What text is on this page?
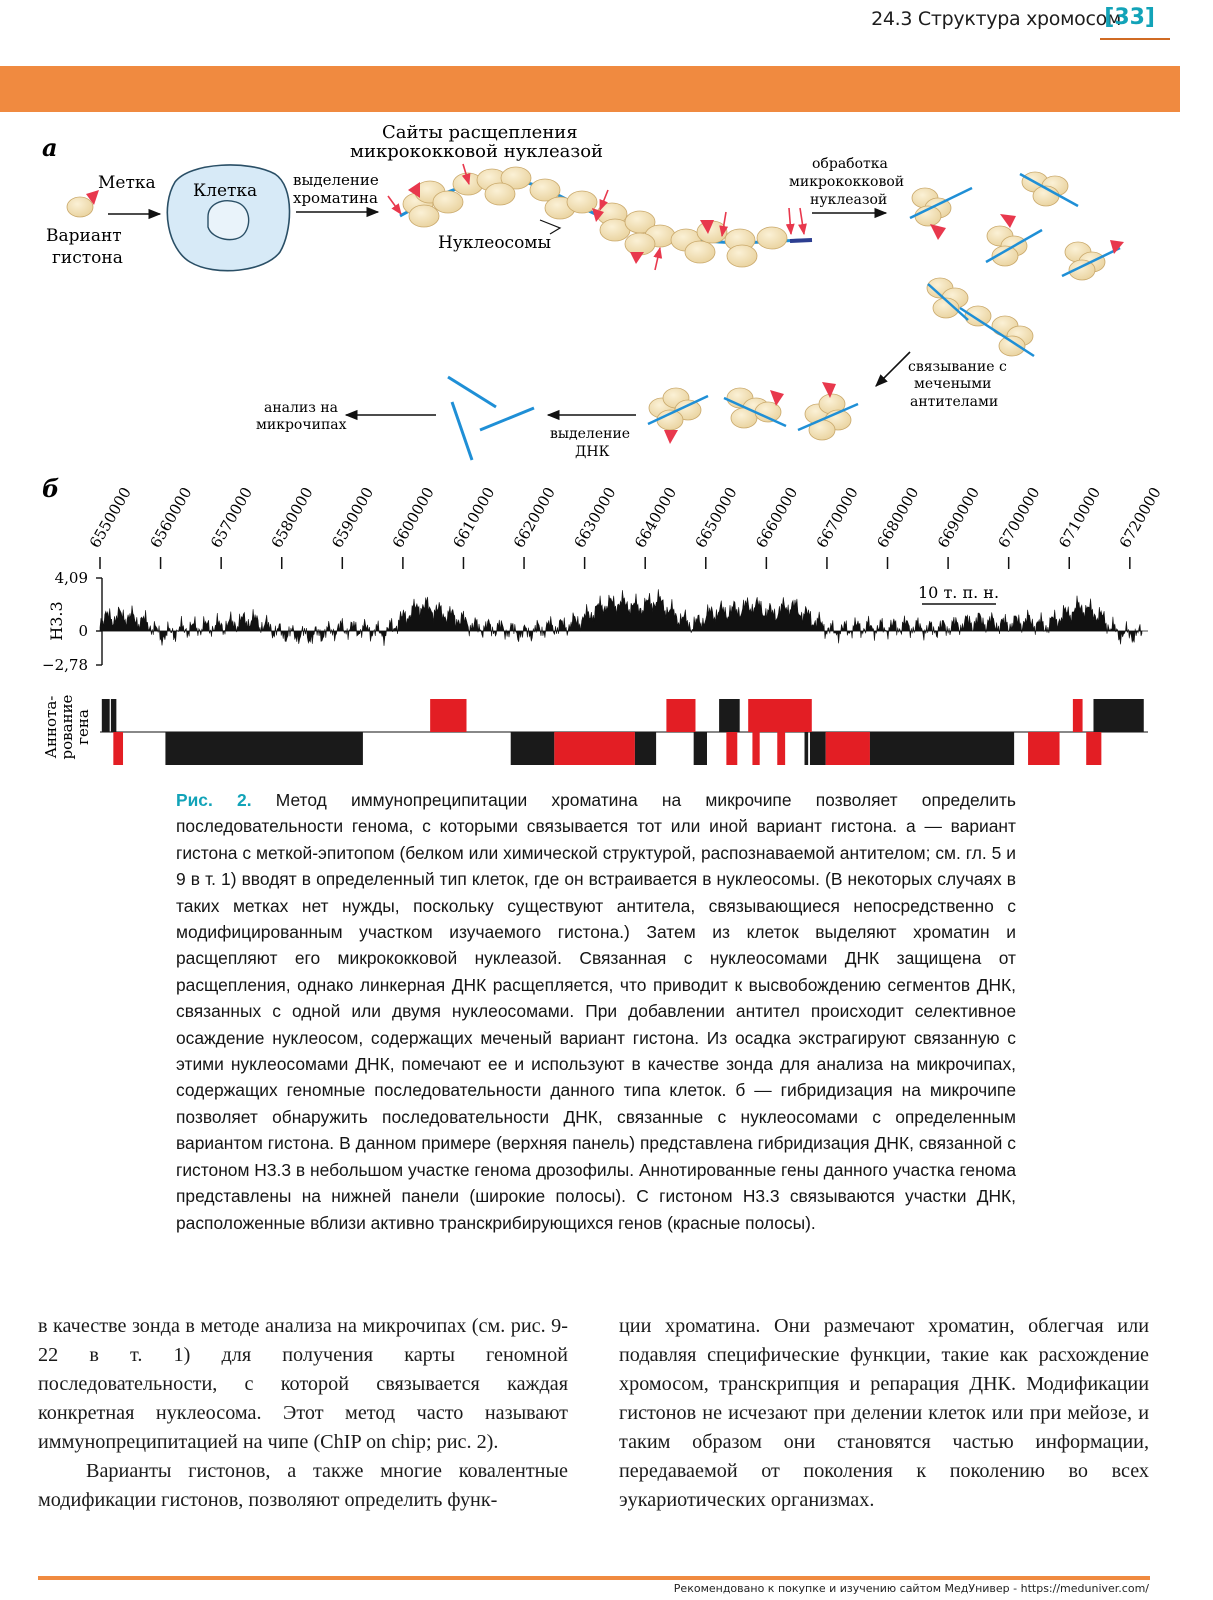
24.3 Структура хромосом
[33]
а
Метка
Вариант
гистона
Клетка
выделение
хроматина
Сайты расщепления
микрококковой нуклеазой
Нуклеосомы
обработка
микрококковой
нуклеазой
связывание с
мечеными
антителами
выделение
ДНК
анализ на
микрочипах
б 6550000 6560000 6570000 6580000 6590000 6600000 6610000 6620000 6630000 6640000 6650000 6660000 6670000 6680000 6690000 6700000 6710000 6720000
4,09
0
−2,78
H3.3
10 т. п. н.
Аннота-
рование
гена
Рис. 2. Метод иммунопреципитации хроматина на микрочипе позволяет определить последовательности генома, с которыми связывается тот или иной вариант гистона. а — вариант гистона с меткой-эпитопом (белком или химической структурой, распознаваемой антителом; см. гл. 5 и 9 в т. 1) вводят в определенный тип клеток, где он встраивается в нуклеосомы. (В некоторых случаях в таких метках нет нужды, поскольку существуют антитела, связывающиеся непосредственно с модифицированным участком изучаемого гистона.) Затем из клеток выделяют хроматин и расщепляют его микрококковой нуклеазой. Связанная с нуклеосомами ДНК защищена от расщепления, однако линкерная ДНК расщепляется, что приводит к высвобождению сегментов ДНК, связанных с одной или двумя нуклеосомами. При добавлении антител происходит селективное осаждение нуклеосом, содержащих меченый вариант гистона. Из осадка экстрагируют связанную с этими нуклеосомами ДНК, помечают ее и используют в качестве зонда для анализа на микрочипах, содержащих геномные последовательности данного типа клеток. б — гибридизация на микрочипе позволяет обнаружить последовательности ДНК, связанные с нуклеосомами с определенным вариантом гистона. В данном примере (верхняя панель) представлена гибридизация ДНК, связанной с гистоном H3.3 в небольшом участке генома дрозофилы. Аннотированные гены данного участка генома представлены на нижней панели (широкие полосы). С гистоном H3.3 связываются участки ДНК, расположенные вблизи активно транскрибирующихся генов (красные полосы).

в качестве зонда в методе анализа на микрочипах (см. рис. 9-22 в т. 1) для получения карты геномной последовательности, с которой связывается каждая конкретная нуклеосома. Этот метод часто называют иммунопреципитацией на чипе (ChIP on chip; рис. 2).

Варианты гистонов, а также многие ковалентные модификации гистонов, позволяют определить функ-

ции хроматина. Они размечают хроматин, облегчая или подавляя специфические функции, такие как расхождение хромосом, транскрипция и репарация ДНК. Модификации гистонов не исчезают при делении клеток или при мейозе, и таким образом они становятся частью информации, передаваемой от поколения к поколению во всех эукариотических организмах.

Рекомендовано к покупке и изучению сайтом МедУнивер - https://meduniver.com/
